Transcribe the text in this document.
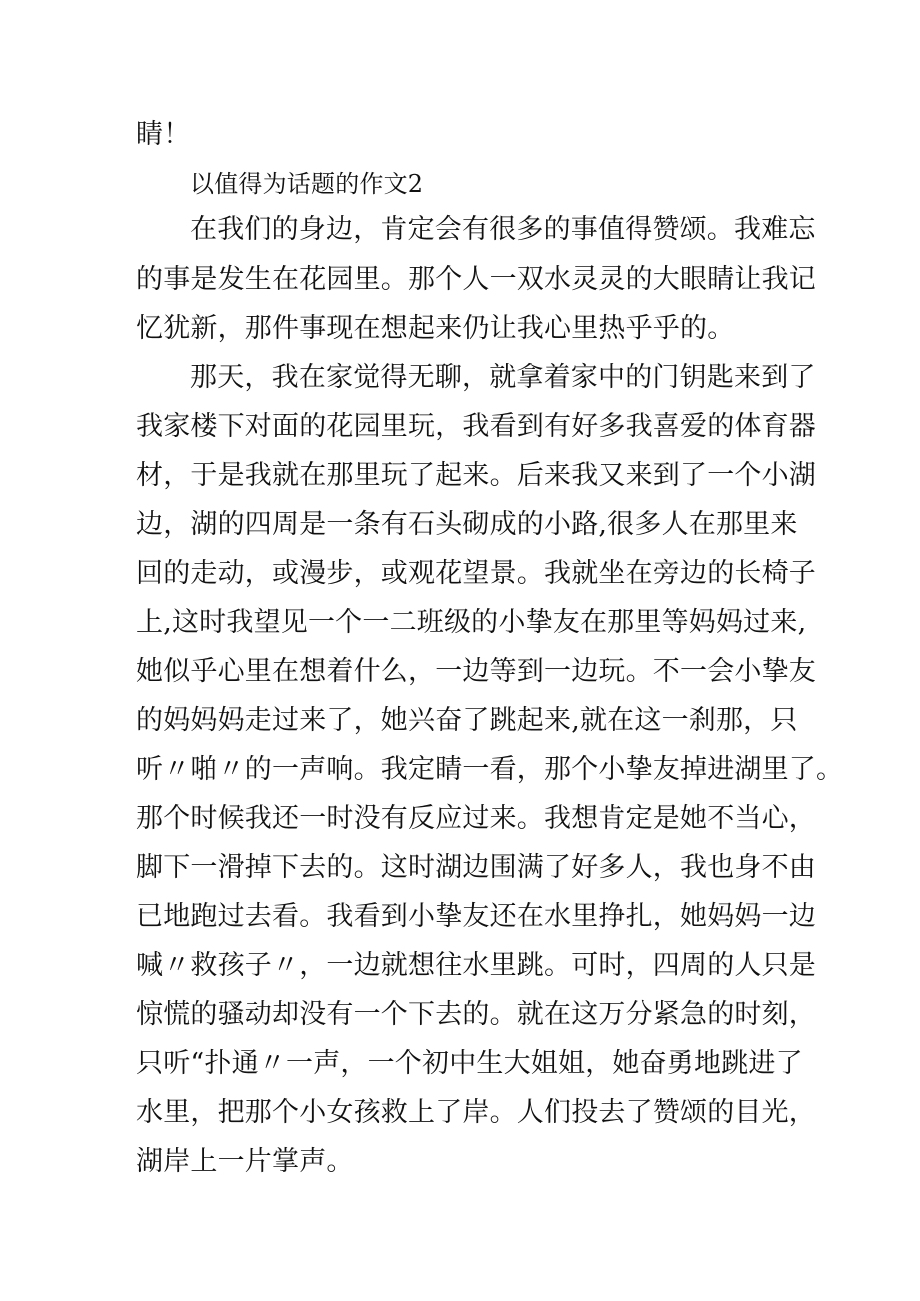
睛！
以值得为话题的作文2
在我们的身边，肯定会有很多的事值得赞颂。我难忘
的事是发生在花园里。那个人一双水灵灵的大眼睛让我记
忆犹新，那件事现在想起来仍让我心里热乎乎的。
那天，我在家觉得无聊，就拿着家中的门钥匙来到了
我家楼下对面的花园里玩，我看到有好多我喜爱的体育器
材，于是我就在那里玩了起来。后来我又来到了一个小湖
边，湖的四周是一条有石头砌成的小路,很多人在那里来
回的走动，或漫步，或观花望景。我就坐在旁边的长椅子
上,这时我望见一个一二班级的小挚友在那里等妈妈过来,
她似乎心里在想着什么，一边等到一边玩。不一会小挚友
的妈妈妈走过来了，她兴奋了跳起来,就在这一刹那，只
听〃啪〃的一声响。我定睛一看，那个小挚友掉进湖里了。
那个时候我还一时没有反应过来。我想肯定是她不当心，
脚下一滑掉下去的。这时湖边围满了好多人，我也身不由
已地跑过去看。我看到小挚友还在水里挣扎，她妈妈一边
喊〃救孩子〃，一边就想往水里跳。可时，四周的人只是
惊慌的骚动却没有一个下去的。就在这万分紧急的时刻，
只听“扑通〃一声，一个初中生大姐姐，她奋勇地跳进了
水里，把那个小女孩救上了岸。人们投去了赞颂的目光，
湖岸上一片掌声。
